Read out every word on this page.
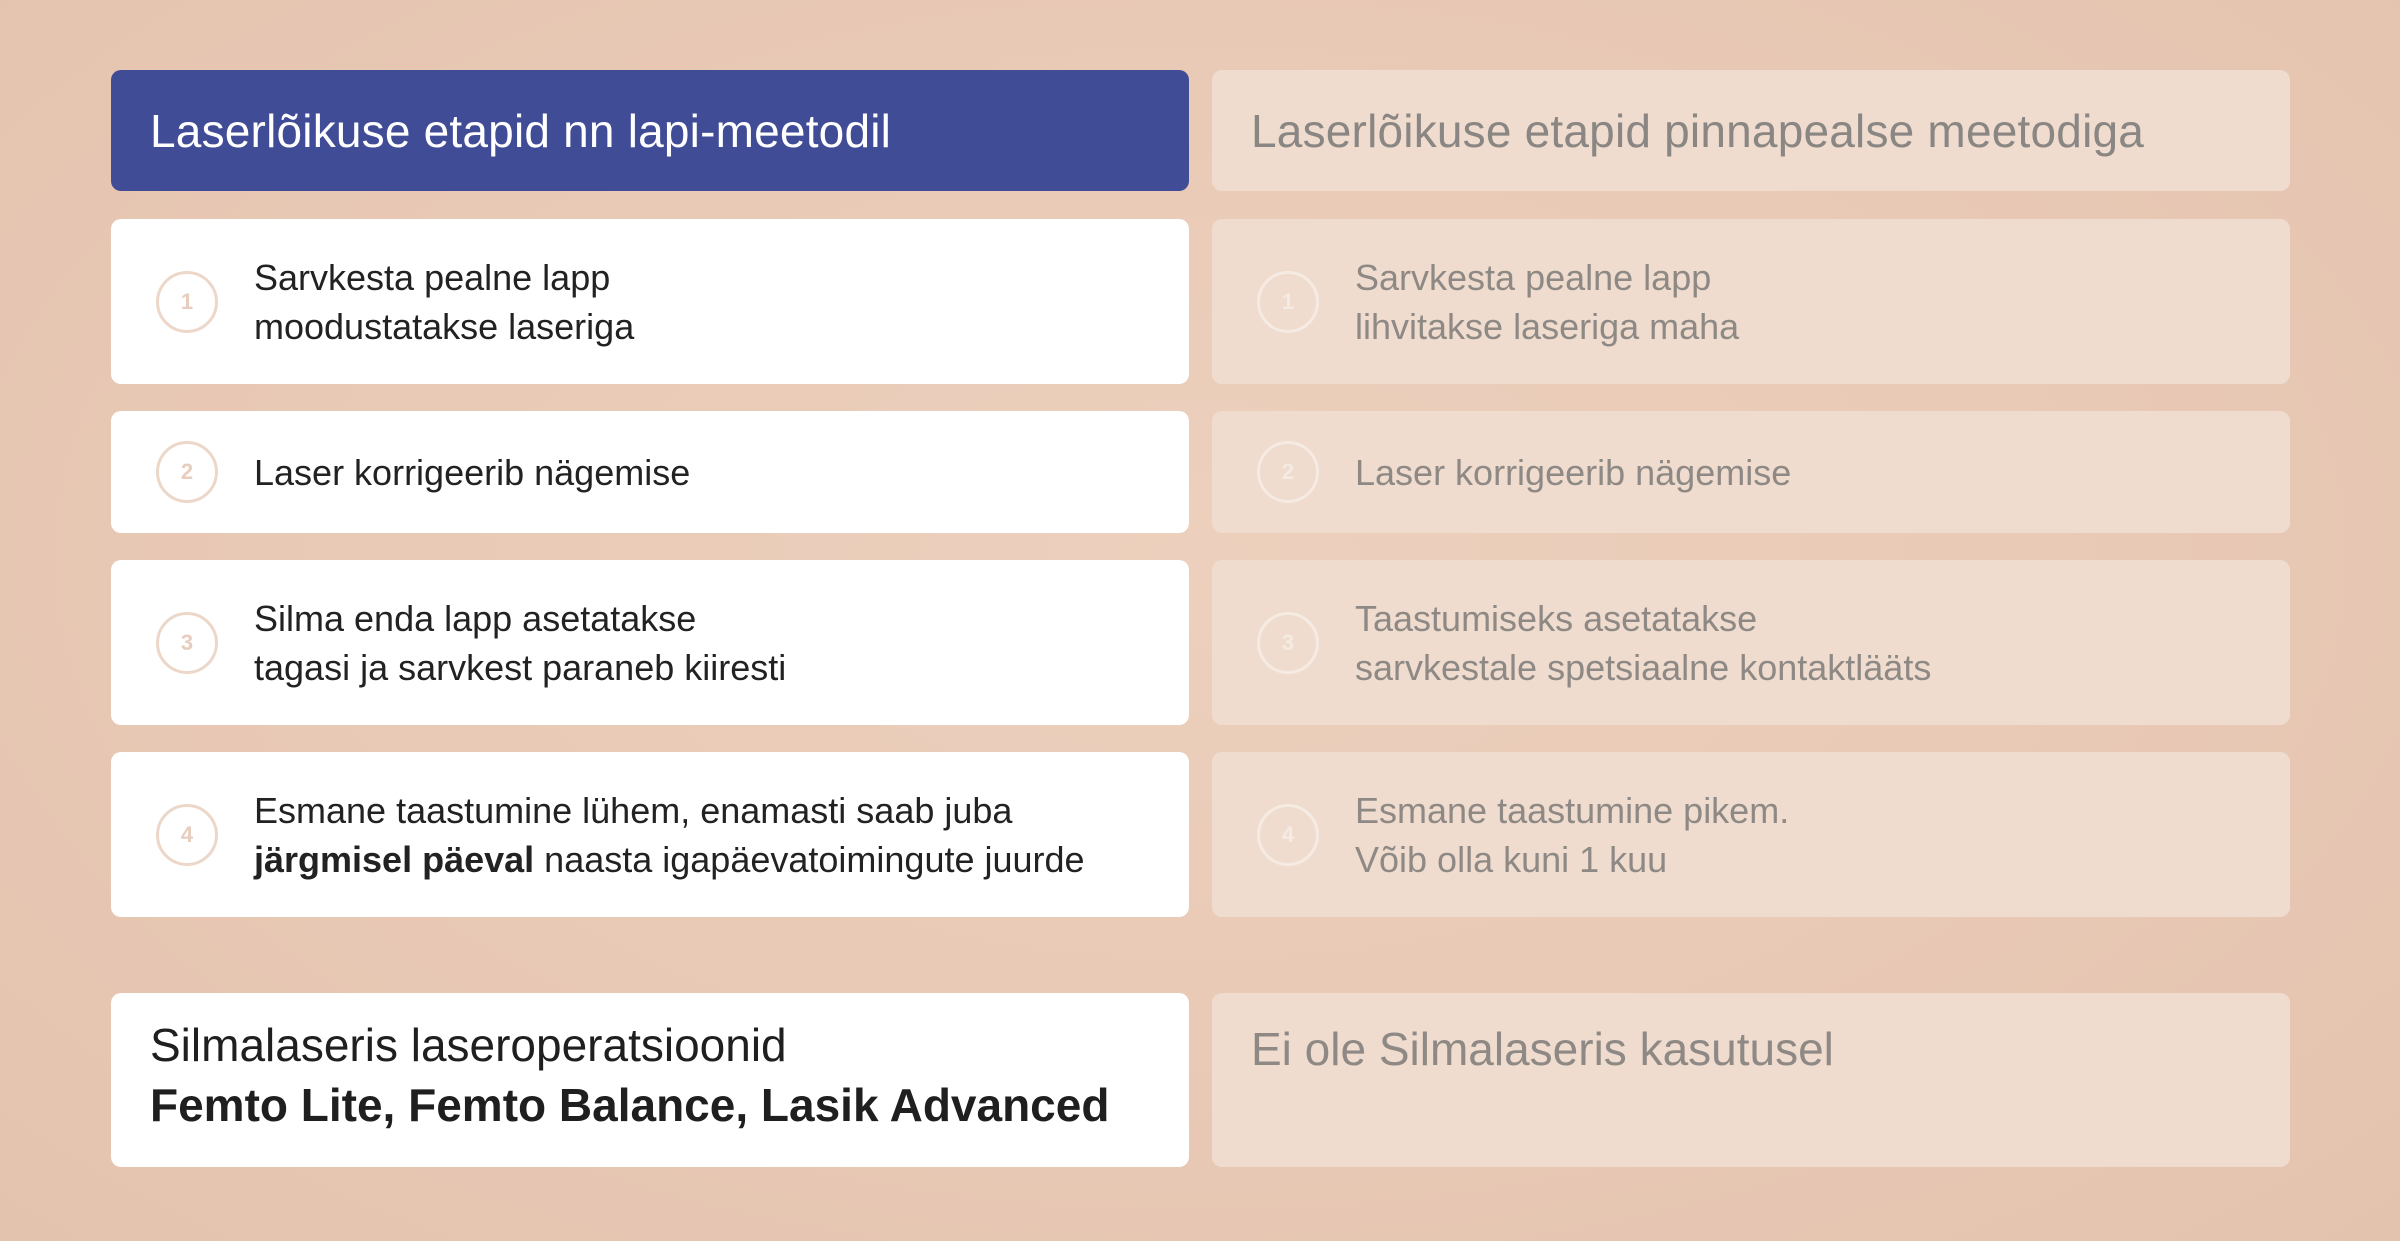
Laserlõikuse etapid nn lapi-meetodil
1
Sarvkesta pealne lapp
moodustatakse laseriga
2	Laser korrigeerib nägemise
3
Silma enda lapp asetatakse
tagasi ja sarvkest paraneb kiiresti
4
Esmane taastumine lühem, enamasti saab juba
järgmisel päeval naasta igapäevatoimingute juurde
Silmalaseris laseroperatsioonid
Femto Lite, Femto Balance, Lasik Advanced
Laserlõikuse etapid pinnapealse meetodiga
1
Sarvkesta pealne lapp
lihvitakse laseriga maha
2	Laser korrigeerib nägemise
3
Taastumiseks asetatakse
sarvkestale spetsiaalne kontaktlääts
4
Esmane taastumine pikem.
Võib olla kuni 1 kuu
Ei ole Silmalaseris kasutusel
